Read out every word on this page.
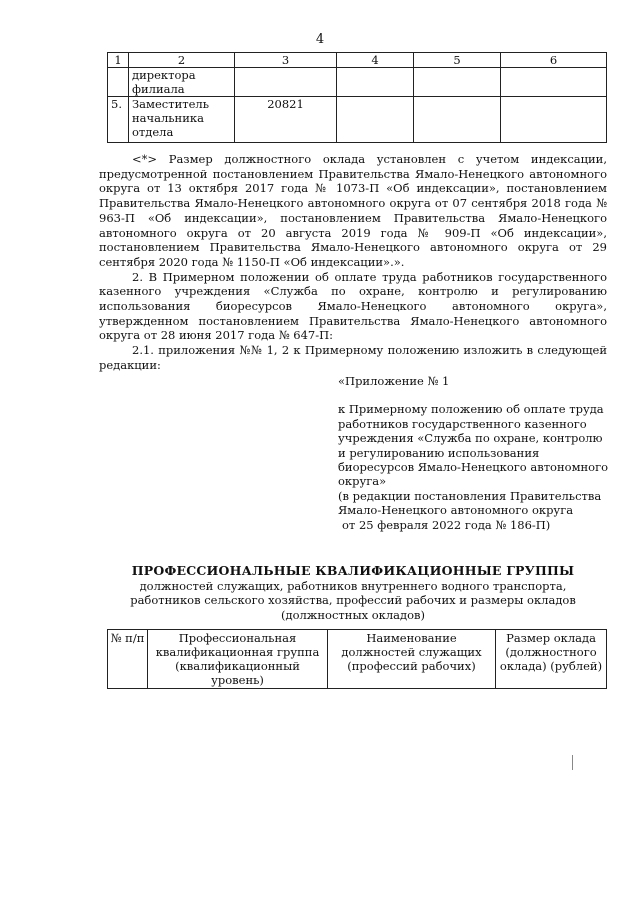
4
1	2	3	4	5	6
	директора филиала				
5.	Заместитель начальника отдела	20821			

<*> Размер должностного оклада установлен с учетом индексации, предусмотренной постановлением Правительства Ямало-Ненецкого автономного округа от 13 октября 2017 года № 1073-П «Об индексации», постановлением Правительства Ямало-Ненецкого автономного округа от 07 сентября 2018 года № 963-П «Об индексации», постановлением Правительства Ямало-Ненецкого автономного округа от 20 августа 2019 года № 909-П «Об индексации», постановлением Правительства Ямало-Ненецкого автономного округа от 29 сентября 2020 года № 1150-П «Об индексации».».

2. В Примерном положении об оплате труда работников государственного казенного учреждения «Служба по охране, контролю и регулированию использования биоресурсов Ямало-Ненецкого автономного округа», утвержденном постановлением Правительства Ямало-Ненецкого автономного округа от 28 июня 2017 года № 647-П:

2.1. приложения №№ 1, 2 к Примерному положению изложить в следующей редакции:

«Приложение № 1
к Примерному положению об оплате труда работников государственного казенного учреждения «Служба по охране, контролю и регулированию использования биоресурсов Ямало-Ненецкого автономного округа»
(в редакции постановления Правительства Ямало-Ненецкого автономного округа
от 25 февраля 2022 года № 186-П)
ПРОФЕССИОНАЛЬНЫЕ КВАЛИФИКАЦИОННЫЕ ГРУППЫ
должностей служащих, работников внутреннего водного транспорта,
работников сельского хозяйства, профессий рабочих и размеры окладов
(должностных окладов)
№ п/п	Профессиональная квалификационная группа (квалификационный уровень)	Наименование должностей служащих (профессий рабочих)	Размер оклада (должностного оклада) (рублей)
